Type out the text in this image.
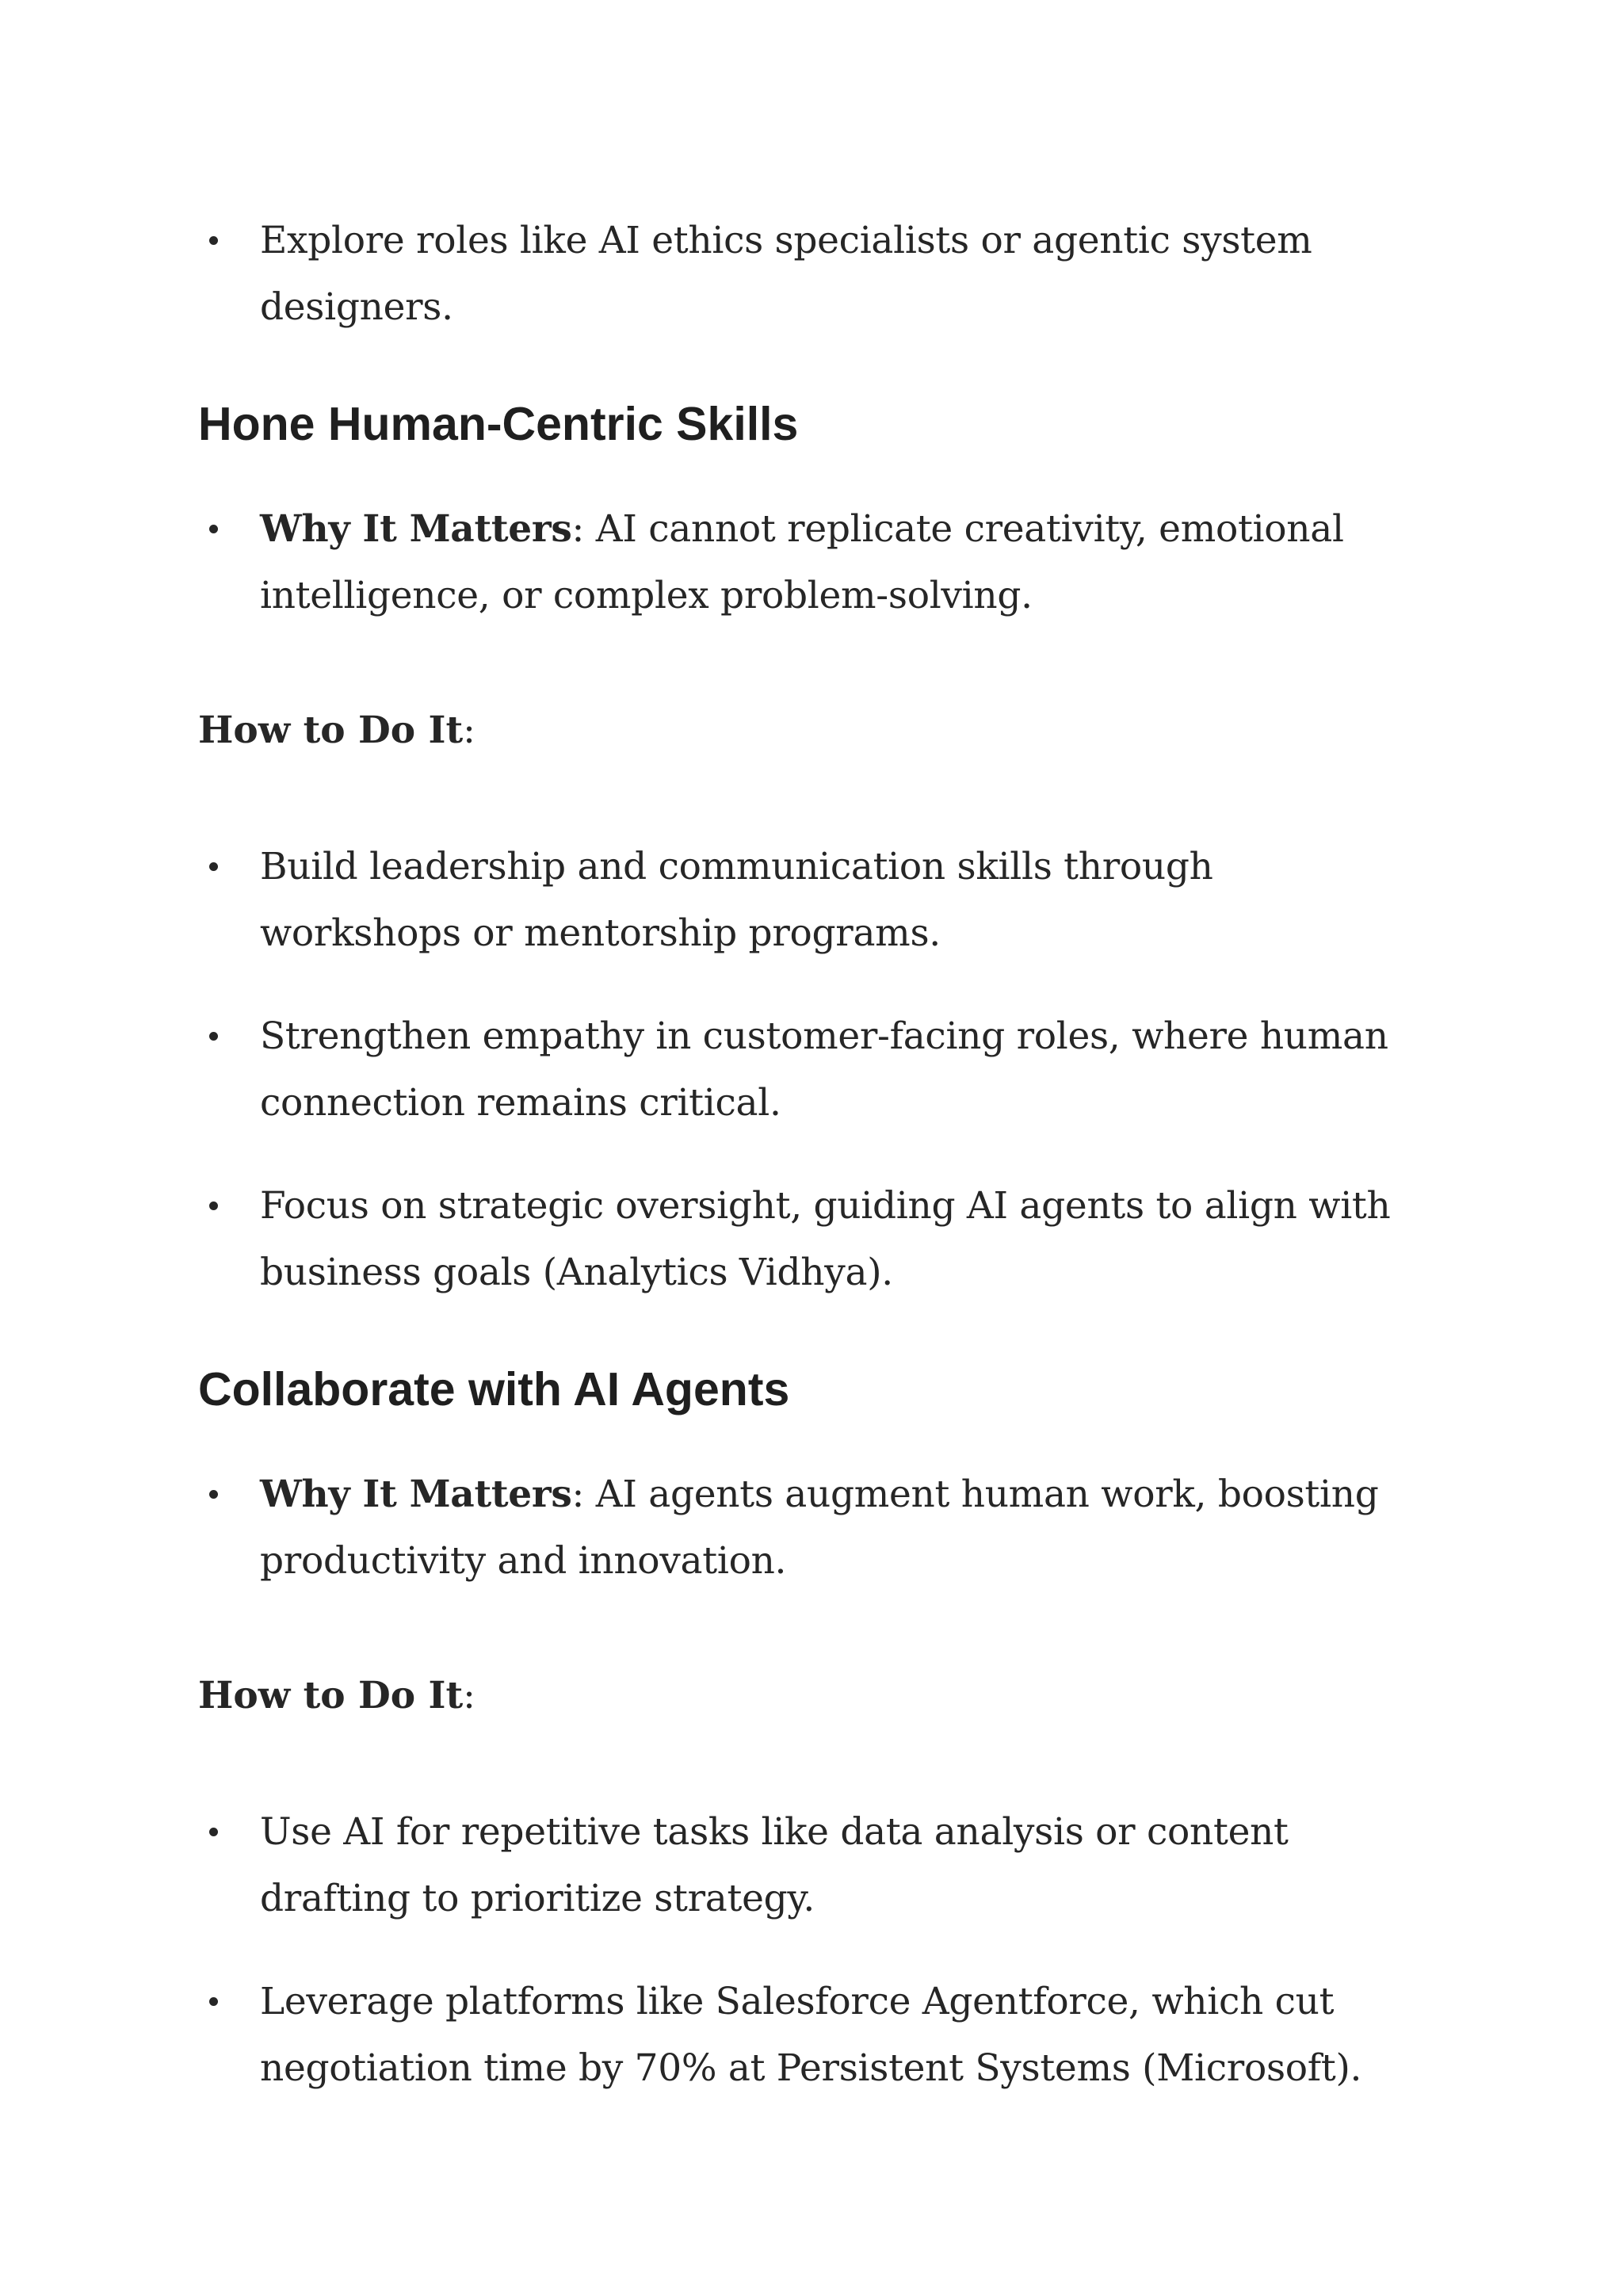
Explore roles like AI ethics specialists or agentic system designers.
Hone Human-Centric Skills
Why It Matters: AI cannot replicate creativity, emotional intelligence, or complex problem-solving.

How to Do It:

Build leadership and communication skills through workshops or mentorship programs.
Strengthen empathy in customer-facing roles, where human connection remains critical.
Focus on strategic oversight, guiding AI agents to align with business goals (Analytics Vidhya).
Collaborate with AI Agents
Why It Matters: AI agents augment human work, boosting productivity and innovation.

How to Do It:

Use AI for repetitive tasks like data analysis or content drafting to prioritize strategy.
Leverage platforms like Salesforce Agentforce, which cut negotiation time by 70% at Persistent Systems (Microsoft).
